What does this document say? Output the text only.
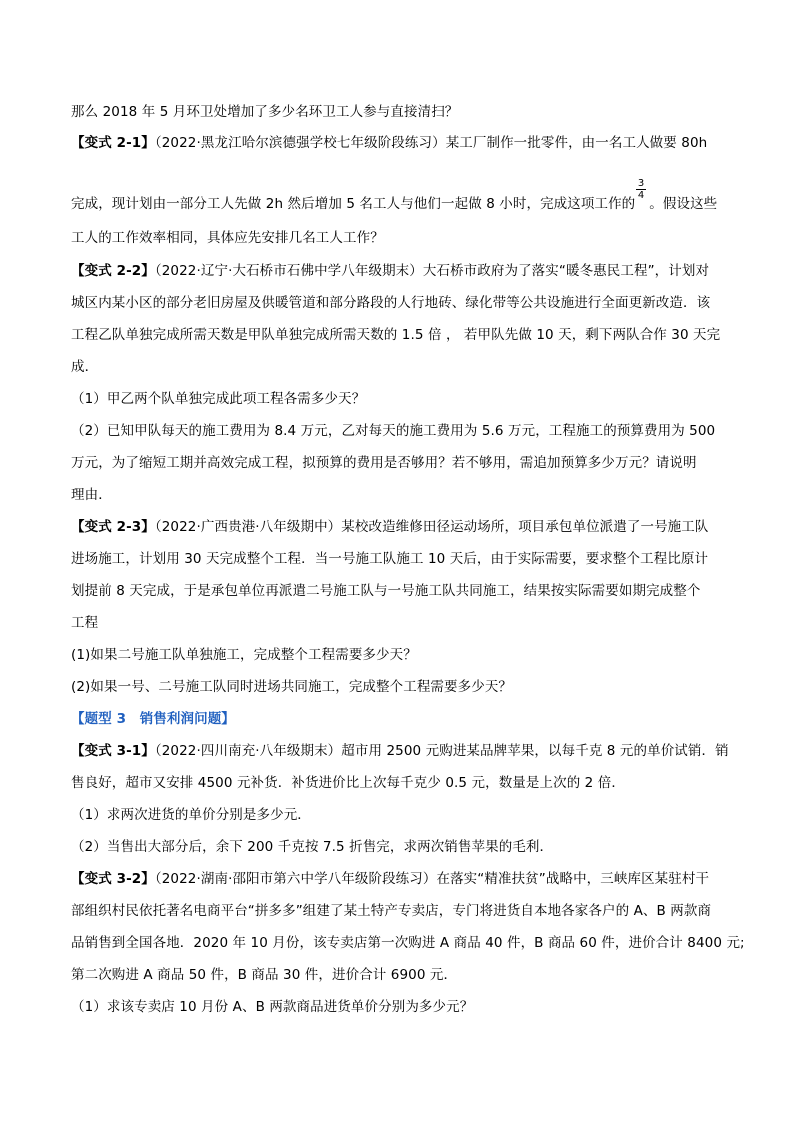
那么 2018 年 5 月环卫处增加了多少名环卫工人参与直接清扫？
【变式 2-1】（2022·黑龙江哈尔滨德强学校七年级阶段练习）某工厂制作一批零件，由一名工人做要 80h
完成，现计划由一部分工人先做 2h 然后增加 5 名工人与他们一起做 8 小时，完成这项工作的 。假设这些
$\frac{3}{4}$
工人的工作效率相同，具体应先安排几名工人工作？
【变式 2-2】（2022·辽宁·大石桥市石佛中学八年级期末）大石桥市政府为了落实“暖冬惠民工程”，计划对
城区内某小区的部分老旧房屋及供暖管道和部分路段的人行地砖、绿化带等公共设施进行全面更新改造．该
工程乙队单独完成所需天数是甲队单独完成所需天数的 1.5 倍 ， 若甲队先做 10 天，剩下两队合作 30 天完
成．
（1）甲乙两个队单独完成此项工程各需多少天？
（2）已知甲队每天的施工费用为 8.4 万元，乙对每天的施工费用为 5.6 万元，工程施工的预算费用为 500
万元，为了缩短工期并高效完成工程，拟预算的费用是否够用？若不够用，需追加预算多少万元？请说明
理由．
【变式 2-3】（2022·广西贵港·八年级期中）某校改造维修田径运动场所，项目承包单位派遣了一号施工队
进场施工，计划用 30 天完成整个工程．当一号施工队施工 10 天后，由于实际需要，要求整个工程比原计
划提前 8 天完成，于是承包单位再派遣二号施工队与一号施工队共同施工，结果按实际需要如期完成整个
工程
(1)如果二号施工队单独施工，完成整个工程需要多少天？
(2)如果一号、二号施工队同时进场共同施工，完成整个工程需要多少天？
【题型 3　销售利润问题】
【变式 3-1】（2022·四川南充·八年级期末）超市用 2500 元购进某品牌苹果，以每千克 8 元的单价试销．销
售良好，超市又安排 4500 元补货．补货进价比上次每千克少 0.5 元，数量是上次的 2 倍．
（1）求两次进货的单价分别是多少元．
（2）当售出大部分后，余下 200 千克按 7.5 折售完，求两次销售苹果的毛利．
【变式 3-2】（2022·湖南·邵阳市第六中学八年级阶段练习）在落实“精准扶贫”战略中，三峡库区某驻村干
部组织村民依托著名电商平台“拼多多”组建了某土特产专卖店，专门将进货自本地各家各户的 A、B 两款商
品销售到全国各地．2020 年 10 月份，该专卖店第一次购进 A 商品 40 件，B 商品 60 件，进价合计 8400 元;
第二次购进 A 商品 50 件，B 商品 30 件，进价合计 6900 元．
（1）求该专卖店 10 月份 A、B 两款商品进货单价分别为多少元？
